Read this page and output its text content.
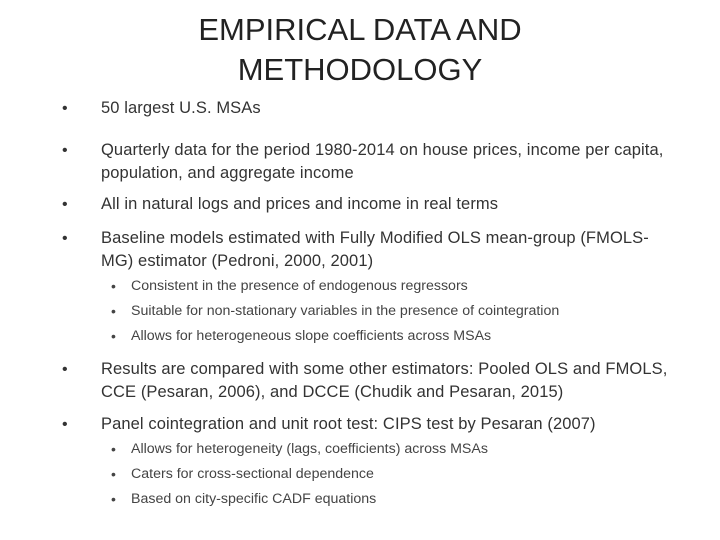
EMPIRICAL DATA AND
METHODOLOGY
• 50 largest U.S. MSAs
• Quarterly data for the period 1980-2014 on house prices, income per capita, population, and aggregate income
• All in natural logs and prices and income in real terms
• Baseline models estimated with Fully Modified OLS mean-group (FMOLS-MG) estimator (Pedroni, 2000, 2001)
• Consistent in the presence of endogenous regressors
• Suitable for non-stationary variables in the presence of cointegration
• Allows for heterogeneous slope coefficients across MSAs
• Results are compared with some other estimators: Pooled OLS and FMOLS, CCE (Pesaran, 2006), and DCCE (Chudik and Pesaran, 2015)
• Panel cointegration and unit root test: CIPS test by Pesaran (2007)
• Allows for heterogeneity (lags, coefficients) across MSAs
• Caters for cross-sectional dependence
• Based on city-specific CADF equations
